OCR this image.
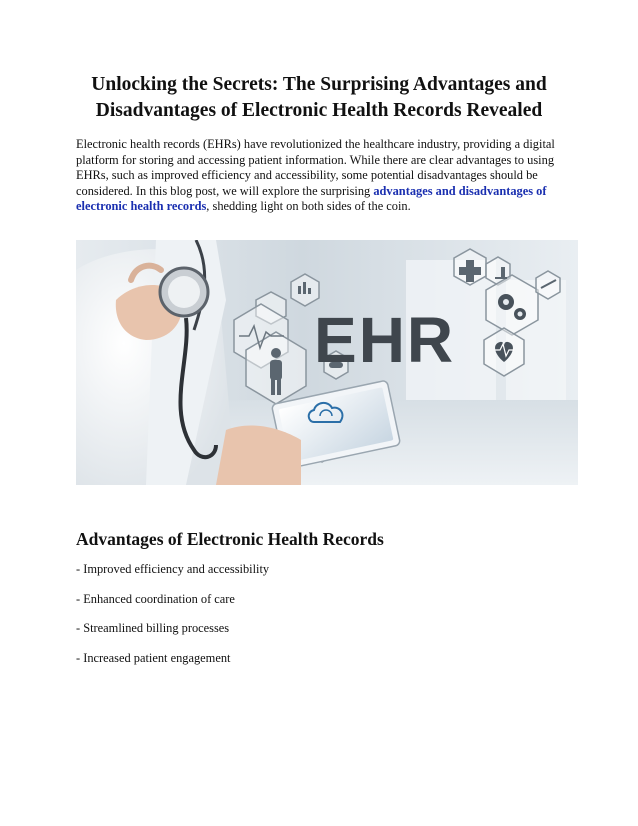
Unlocking the Secrets: The Surprising Advantages and
Disadvantages of Electronic Health Records Revealed

Electronic health records (EHRs) have revolutionized the healthcare industry, providing a digital platform for storing and accessing patient information. While there are clear advantages to using EHRs, such as improved efficiency and accessibility, some potential disadvantages should be considered. In this blog post, we will explore the surprising advantages and disadvantages of electronic health records, shedding light on both sides of the coin.

EHR
Advantages of Electronic Health Records
- Improved efficiency and accessibility
- Enhanced coordination of care
- Streamlined billing processes
- Increased patient engagement
